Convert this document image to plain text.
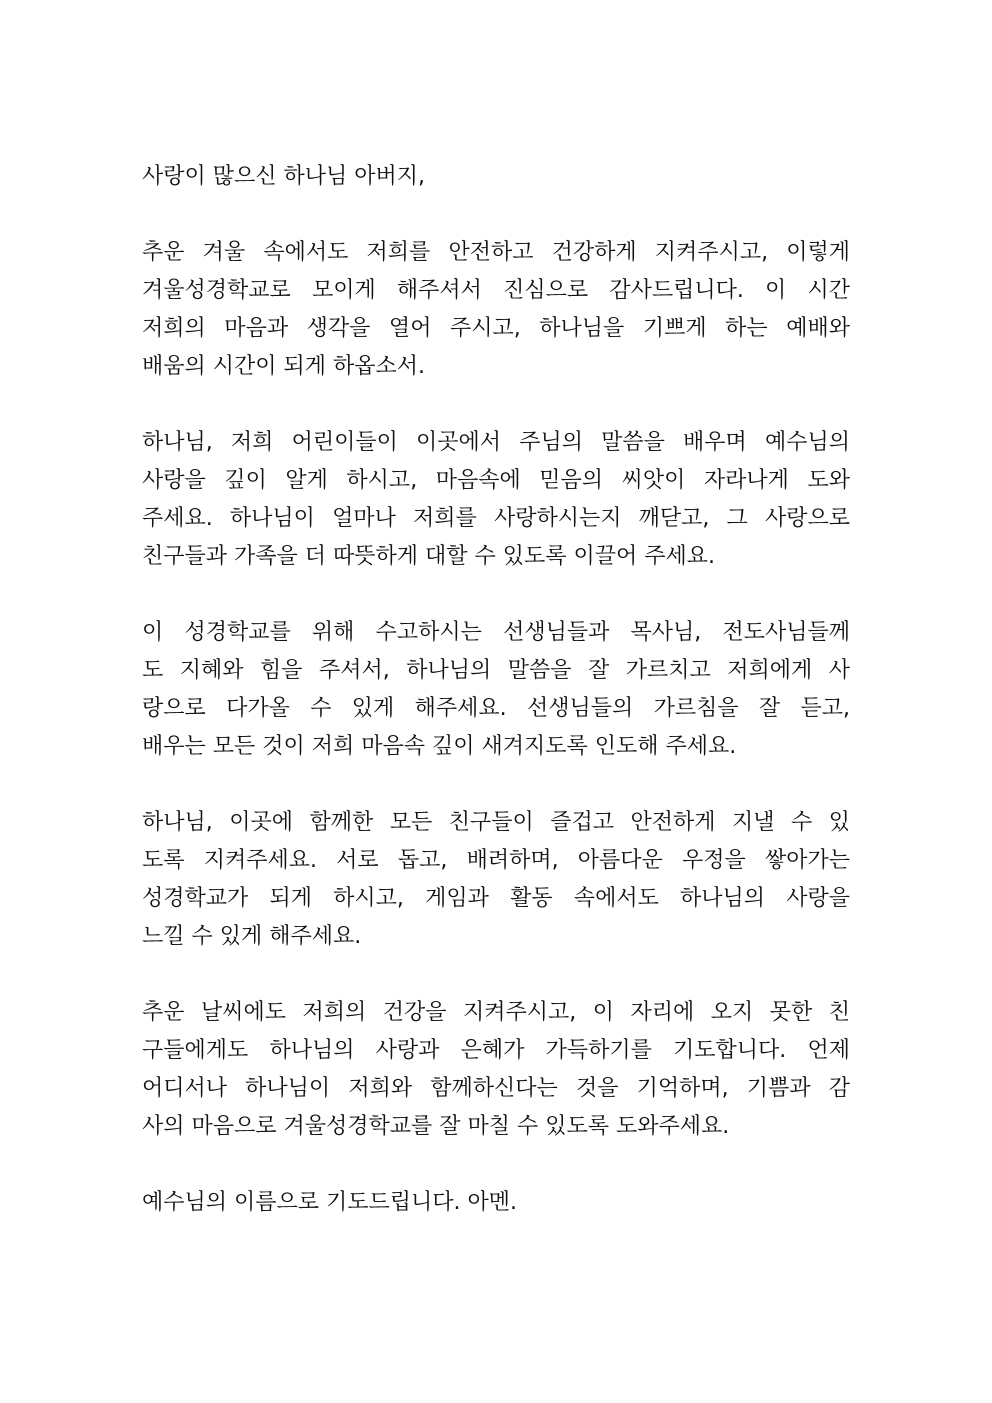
사랑이 많으신 하나님 아버지,
추운 겨울 속에서도 저희를 안전하고 건강하게 지켜주시고, 이렇게
겨울성경학교로 모이게 해주셔서 진심으로 감사드립니다. 이 시간
저희의 마음과 생각을 열어 주시고, 하나님을 기쁘게 하는 예배와
배움의 시간이 되게 하옵소서.
하나님, 저희 어린이들이 이곳에서 주님의 말씀을 배우며 예수님의
사랑을 깊이 알게 하시고, 마음속에 믿음의 씨앗이 자라나게 도와
주세요. 하나님이 얼마나 저희를 사랑하시는지 깨닫고, 그 사랑으로
친구들과 가족을 더 따뜻하게 대할 수 있도록 이끌어 주세요.
이 성경학교를 위해 수고하시는 선생님들과 목사님, 전도사님들께
도 지혜와 힘을 주셔서, 하나님의 말씀을 잘 가르치고 저희에게 사
랑으로 다가올 수 있게 해주세요. 선생님들의 가르침을 잘 듣고,
배우는 모든 것이 저희 마음속 깊이 새겨지도록 인도해 주세요.
하나님, 이곳에 함께한 모든 친구들이 즐겁고 안전하게 지낼 수 있
도록 지켜주세요. 서로 돕고, 배려하며, 아름다운 우정을 쌓아가는
성경학교가 되게 하시고, 게임과 활동 속에서도 하나님의 사랑을
느낄 수 있게 해주세요.
추운 날씨에도 저희의 건강을 지켜주시고, 이 자리에 오지 못한 친
구들에게도 하나님의 사랑과 은혜가 가득하기를 기도합니다. 언제
어디서나 하나님이 저희와 함께하신다는 것을 기억하며, 기쁨과 감
사의 마음으로 겨울성경학교를 잘 마칠 수 있도록 도와주세요.
예수님의 이름으로 기도드립니다. 아멘.
